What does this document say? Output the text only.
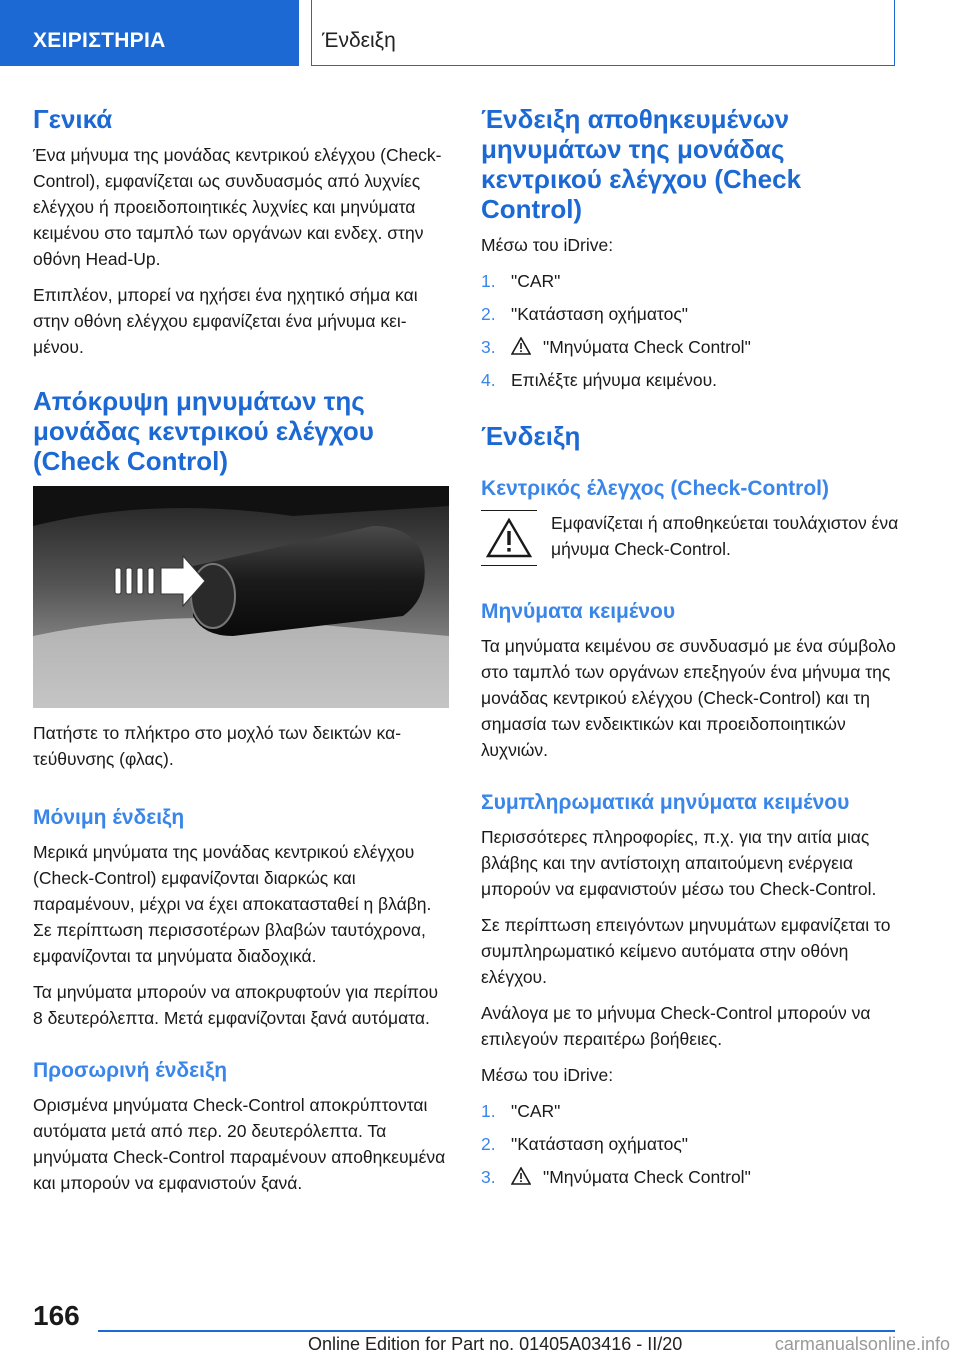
ΧΕΙΡΙΣΤΗΡΙΑ	Ένδειξη
Γενικά

Ένα μήνυμα της μονάδας κεντρικού ελέγχου (Check-Control), εμφανίζεται ως συνδυασμός από λυχνίες ελέγχου ή προειδοποιητικές λυχνίες και μηνύματα κειμένου στο ταμπλό των οργάνων και ενδεχ. στην οθόνη Head-Up.

Επιπλέον, μπορεί να ηχήσει ένα ηχητικό σήμα και στην οθόνη ελέγχου εμφανίζεται ένα μήνυμα κειμένου.

Απόκρυψη μηνυμάτων της μονάδας κεντρικού ελέγχου (Check Control)

Πατήστε το πλήκτρο στο μοχλό των δεικτών κατεύθυνσης (φλας).

Μόνιμη ένδειξη

Μερικά μηνύματα της μονάδας κεντρικού ελέγχου (Check-Control) εμφανίζονται διαρκώς και παραμένουν, μέχρι να έχει αποκατασταθεί η βλάβη. Σε περίπτωση περισσοτέρων βλαβών ταυτόχρονα, εμφανίζονται τα μηνύματα διαδοχικά.

Τα μηνύματα μπορούν να αποκρυφτούν για περίπου 8 δευτερόλεπτα. Μετά εμφανίζονται ξανά αυτόματα.

Προσωρινή ένδειξη

Ορισμένα μηνύματα Check-Control αποκρύπτονται αυτόματα μετά από περ. 20 δευτερόλεπτα. Τα μηνύματα Check-Control παραμένουν αποθηκευμένα και μπορούν να εμφανιστούν ξανά.

Ένδειξη αποθηκευμένων μηνυμάτων της μονάδας κεντρικού ελέγχου (Check Control)

Μέσω του iDrive:

1. "CAR"
2. "Κατάσταση οχήματος"
3.	"Μηνύματα Check Control"
4. Επιλέξτε μήνυμα κειμένου.
Ένδειξη
Κεντρικός έλεγχος (Check-Control)

Εμφανίζεται ή αποθηκεύεται τουλάχιστον ένα μήνυμα Check-Control.

Μηνύματα κειμένου

Τα μηνύματα κειμένου σε συνδυασμό με ένα σύμβολο στο ταμπλό των οργάνων επεξηγούν ένα μήνυμα της μονάδας κεντρικού ελέγχου (Check-Control) και τη σημασία των ενδεικτικών και προειδοποιητικών λυχνιών.

Συμπληρωματικά μηνύματα κειμένου

Περισσότερες πληροφορίες, π.χ. για την αιτία μιας βλάβης και την αντίστοιχη απαιτούμενη ενέργεια μπορούν να εμφανιστούν μέσω του Check-Control.

Σε περίπτωση επειγόντων μηνυμάτων εμφανίζεται το συμπληρωματικό κείμενο αυτόματα στην οθόνη ελέγχου.

Ανάλογα με το μήνυμα Check-Control μπορούν να επιλεγούν περαιτέρω βοήθειες.

Μέσω του iDrive:

1. "CAR"
2. "Κατάσταση οχήματος"
3.	"Μηνύματα Check Control"
166
Online Edition for Part no. 01405A03416 - II/20	carmanualsonline.info
